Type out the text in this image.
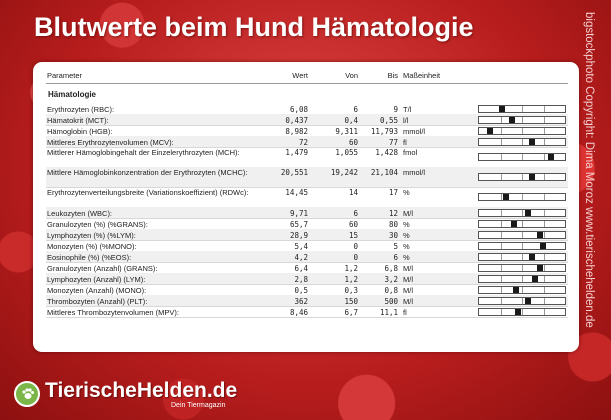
Blutwerte beim Hund Hämatologie	bigstockphoto Copyright: Dima Moroz www.tierischehelden.de
Parameter	Wert	Von	Bis Maßeinheit
Hämatologie
Erythrozyten (RBC):	6,08	6	9 T/l
Hämatokrit (MCT):	0,437	0,4	0,55 l/l
Hämoglobin (HGB):	8,982	9,311	11,793 mmol/l
Mittleres Erythrozytenvolumen (MCV):	72	60	77 fl
Mittlerer Hämoglobingehalt der Einzelerythrozyten (MCH):	1,479	1,055	1,428 fmol
Mittlere Hämoglobinkonzentration der Erythrozyten (MCHC):	20,551	19,242	21,104 mmol/l
Erythrozytenverteilungsbreite (Variationskoeffizient) (RDWc):	14,45	14	17 %
Leukozyten (WBC):	9,71	6	12 M/l
Granulozyten (%) (%GRANS):	65,7	60	80 %
Lymphozyten (%) (%LYM):	28,9	15	30 %
Monozyten (%) (%MONO):	5,4	0	5 %
Eosinophile (%) (%EOS):	4,2	0	6 %
Granulozyten (Anzahl) (GRANS):	6,4	1,2	6,8 M/l
Lymphozyten (Anzahl) (LYM):	2,8	1,2	3,2 M/l
Monozyten (Anzahl) (MONO):	0,5	0,3	0,8 M/l
Thrombozyten (Anzahl) (PLT):	362	150	500 M/l
Mittleres Thrombozytenvolumen (MPV):	8,46	6,7	11,1 fl
TierischeHelden.de
Dein Tiermagazin
